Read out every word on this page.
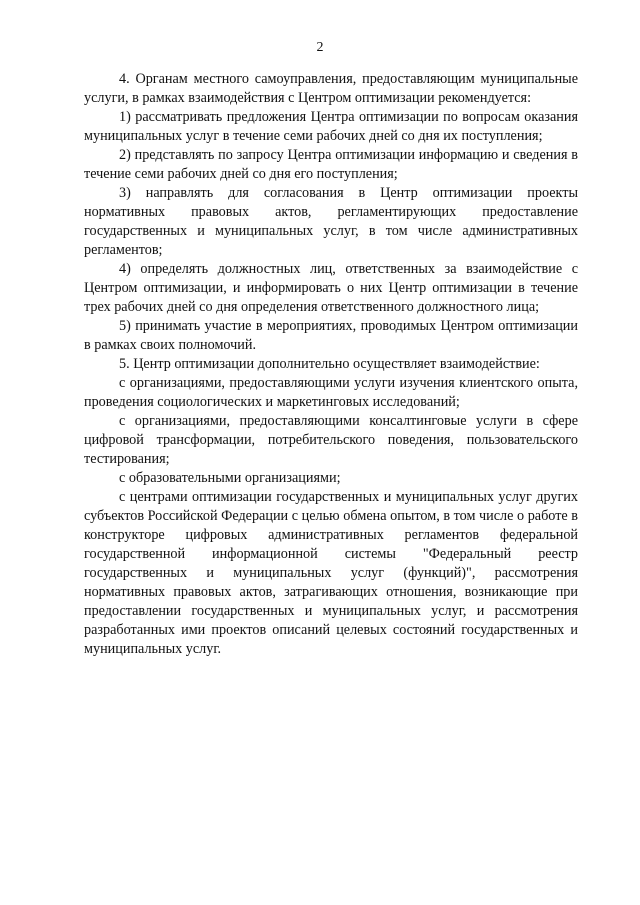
2

4. Органам местного самоуправления, предоставляющим муниципальные услуги, в рамках взаимодействия с Центром оптимизации рекомендуется:

1) рассматривать предложения Центра оптимизации по вопросам оказания муниципальных услуг в течение семи рабочих дней со дня их поступления;

2) представлять по запросу Центра оптимизации информацию и сведения в течение семи рабочих дней со дня его поступления;

3) направлять для согласования в Центр оптимизации проекты нормативных правовых актов, регламентирующих предоставление государственных и муниципальных услуг, в том числе административных регламентов;

4) определять должностных лиц, ответственных за взаимодействие с Центром оптимизации, и информировать о них Центр оптимизации в течение трех рабочих дней со дня определения ответственного должностного лица;

5) принимать участие в мероприятиях, проводимых Центром оптимизации в рамках своих полномочий.

5. Центр оптимизации дополнительно осуществляет взаимодействие:

с организациями, предоставляющими услуги изучения клиентского опыта, проведения социологических и маркетинговых исследований;

с организациями, предоставляющими консалтинговые услуги в сфере цифровой трансформации, потребительского поведения, пользовательского тестирования;

с образовательными организациями;

с центрами оптимизации государственных и муниципальных услуг других субъектов Российской Федерации с целью обмена опытом, в том числе о работе в конструкторе цифровых административных регламентов федеральной государственной информационной системы "Федеральный реестр государственных и муниципальных услуг (функций)", рассмотрения нормативных правовых актов, затрагивающих отношения, возникающие при предоставлении государственных и муниципальных услуг, и рассмотрения разработанных ими проектов описаний целевых состояний государственных и муниципальных услуг.
